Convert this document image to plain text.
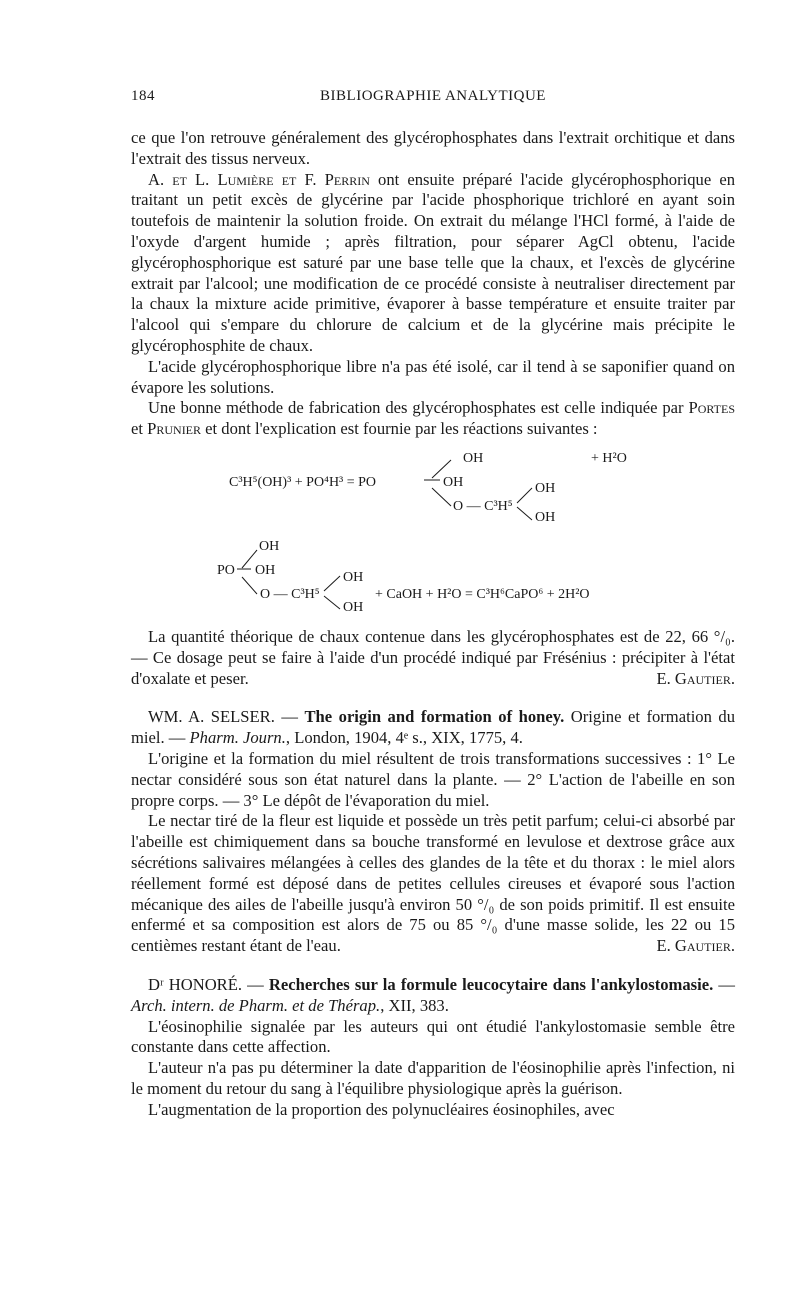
184	BIBLIOGRAPHIE ANALYTIQUE

ce que l'on retrouve généralement des glycérophosphates dans l'extrait orchitique et dans l'extrait des tissus nerveux.

A. et L. Lumière et F. Perrin ont ensuite préparé l'acide glycérophosphorique en traitant un petit excès de glycérine par l'acide phosphorique trichloré en ayant soin toutefois de maintenir la solution froide. On extrait du mélange l'HCl formé, à l'aide de l'oxyde d'argent humide ; après filtration, pour séparer AgCl obtenu, l'acide glycérophosphorique est saturé par une base telle que la chaux, et l'excès de glycérine extrait par l'alcool; une modification de ce procédé consiste à neutraliser directement par la chaux la mixture acide primitive, évaporer à basse température et ensuite traiter par l'alcool qui s'empare du chlorure de calcium et de la glycérine mais précipite le glycérophosphite de chaux.

L'acide glycérophosphorique libre n'a pas été isolé, car il tend à se saponifier quand on évapore les solutions.

Une bonne méthode de fabrication des glycérophosphates est celle indiquée par Portes et Prunier et dont l'explication est fournie par les réactions suivantes :

OH	+ H²O
C³H⁵(OH)³ + PO⁴H³ = PO	OH	OH
O — C³H⁵
OH
OH
PO OH	OH
O — C³H⁵	+ CaOH + H²O = C³H⁶CaPO⁶ + 2H²O
OH

La quantité théorique de chaux contenue dans les glycérophosphates est de 22, 66 °/₀. — Ce dosage peut se faire à l'aide d'un procédé indiqué par Frésénius : précipiter à l'état d'oxalate et peser.	E. Gautier.

WM. A. SELSER. — The origin and formation of honey. Origine et formation du miel. — Pharm. Journ., London, 1904, 4ᵉ s., XIX, 1775, 4.

L'origine et la formation du miel résultent de trois transformations successives : 1° Le nectar considéré sous son état naturel dans la plante. — 2° L'action de l'abeille en son propre corps. — 3° Le dépôt de l'évaporation du miel.

Le nectar tiré de la fleur est liquide et possède un très petit parfum; celui-ci absorbé par l'abeille est chimiquement dans sa bouche transformé en levulose et dextrose grâce aux sécrétions salivaires mélangées à celles des glandes de la tête et du thorax : le miel alors réellement formé est déposé dans de petites cellules cireuses et évaporé sous l'action mécanique des ailes de l'abeille jusqu'à environ 50 °/₀ de son poids primitif. Il est ensuite enfermé et sa composition est alors de 75 ou 85 °/₀ d'une masse solide, les 22 ou 15 centièmes restant étant de l'eau.	E. Gautier.

Dʳ HONORÉ. — Recherches sur la formule leucocytaire dans l'ankylostomasie. — Arch. intern. de Pharm. et de Thérap., XII, 383.

L'éosinophilie signalée par les auteurs qui ont étudié l'ankylostomasie semble être constante dans cette affection.

L'auteur n'a pas pu déterminer la date d'apparition de l'éosinophilie après l'infection, ni le moment du retour du sang à l'équilibre physiologique après la guérison.

L'augmentation de la proportion des polynucléaires éosinophiles, avec
